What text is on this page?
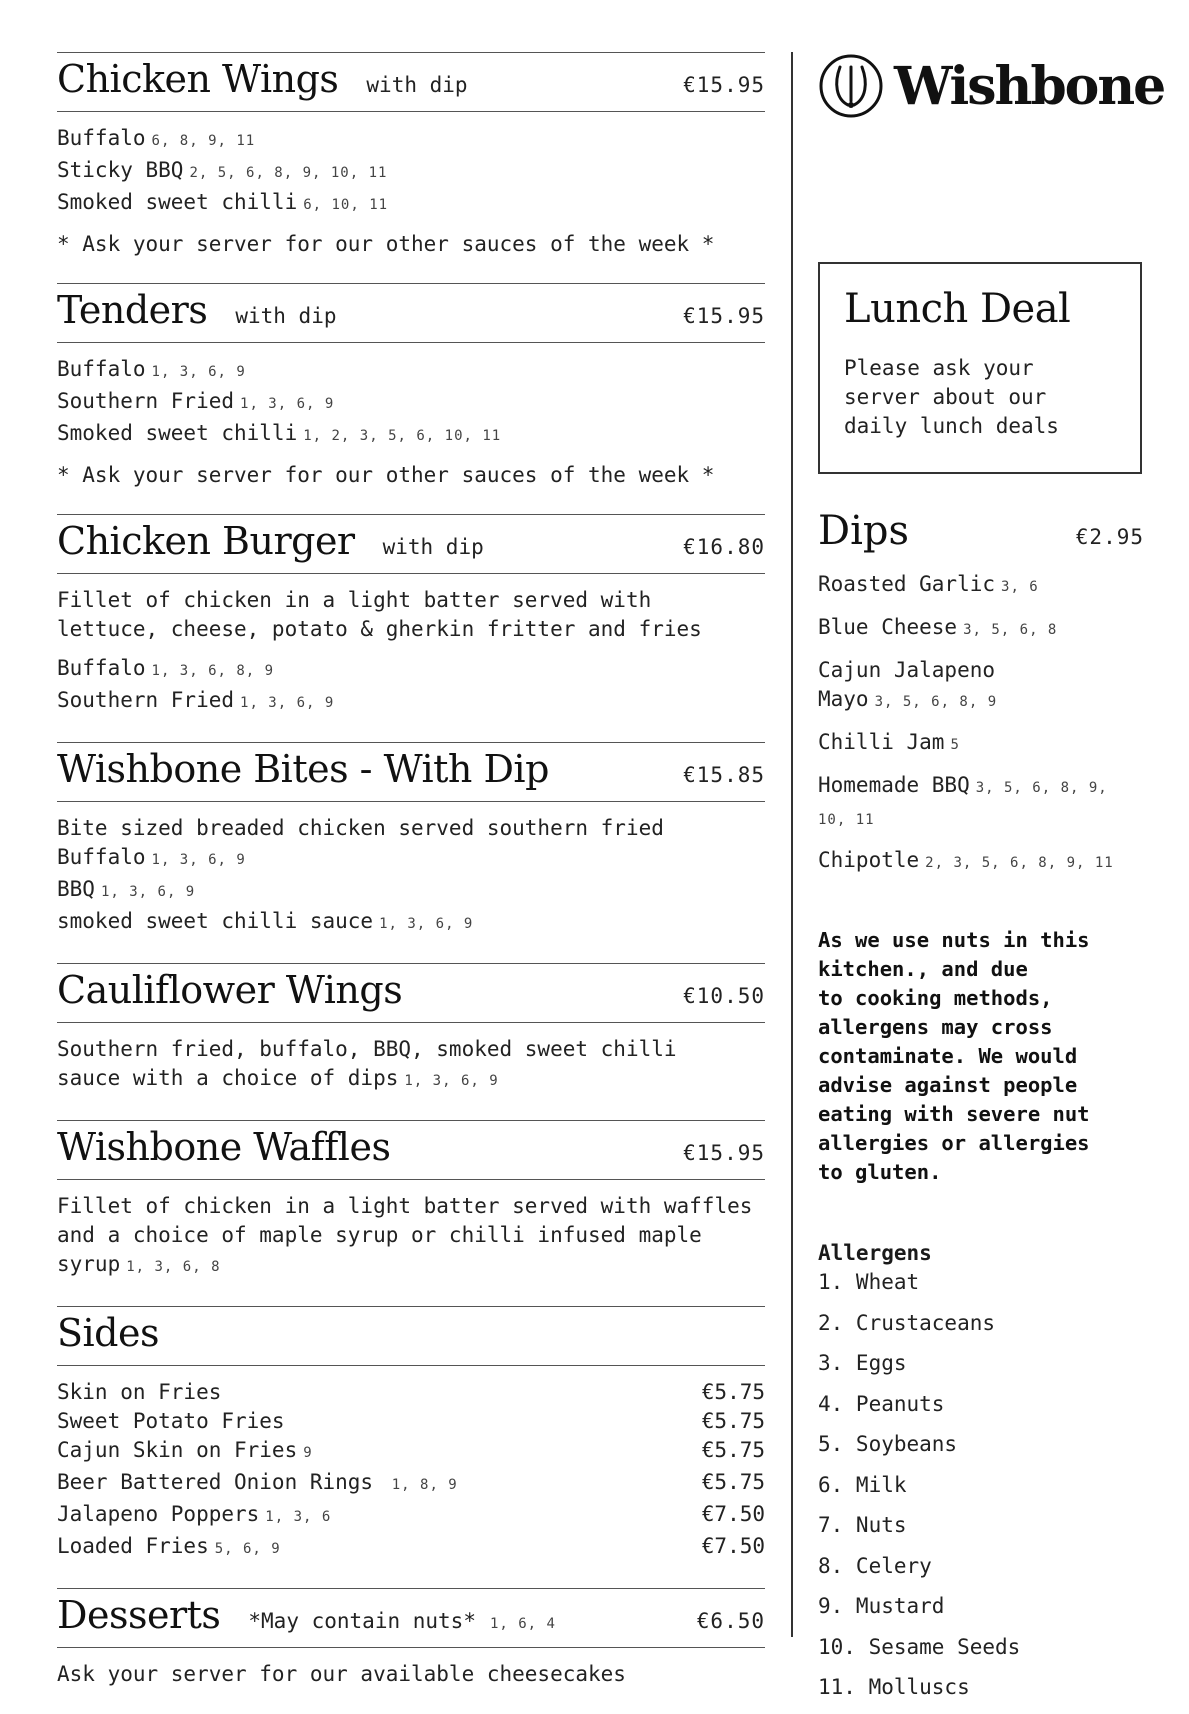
Chicken Wings with dip	€15.95
Buffalo 6, 8, 9, 11
Sticky BBQ 2, 5, 6, 8, 9, 10, 11
Smoked sweet chilli 6, 10, 11
* Ask your server for our other sauces of the week *
Tenders with dip	€15.95
Buffalo 1, 3, 6, 9
Southern Fried 1, 3, 6, 9
Smoked sweet chilli 1, 2, 3, 5, 6, 10, 11
* Ask your server for our other sauces of the week *
Chicken Burger with dip	€16.80
Fillet of chicken in a light batter served with
lettuce, cheese, potato & gherkin fritter and fries
Buffalo 1, 3, 6, 8, 9
Southern Fried 1, 3, 6, 9
Wishbone Bites - With Dip	€15.85
Bite sized breaded chicken served southern fried
Buffalo 1, 3, 6, 9
BBQ 1, 3, 6, 9
smoked sweet chilli sauce 1, 3, 6, 9
Cauliflower Wings	€10.50
Southern fried, buffalo, BBQ, smoked sweet chilli
sauce with a choice of dips 1, 3, 6, 9
Wishbone Waffles	€15.95
Fillet of chicken in a light batter served with waffles
and a choice of maple syrup or chilli infused maple
syrup 1, 3, 6, 8
Sides
Skin on Fries	€5.75
Sweet Potato Fries	€5.75
Cajun Skin on Fries 9	€5.75
Beer Battered Onion Rings 1, 8, 9	€5.75
Jalapeno Poppers 1, 3, 6	€7.50
Loaded Fries 5, 6, 9	€7.50
Desserts *May contain nuts* 1, 6, 4	€6.50
Ask your server for our available cheesecakes
Wishbone
Lunch Deal
Please ask your
server about our
daily lunch deals
Dips	€2.95
Roasted Garlic 3, 6
Blue Cheese 3, 5, 6, 8
Cajun Jalapeno
Mayo 3, 5, 6, 8, 9
Chilli Jam 5
Homemade BBQ 3, 5, 6, 8, 9, 10, 11
Chipotle 2, 3, 5, 6, 8, 9, 11
As we use nuts in this
kitchen., and due
to cooking methods,
allergens may cross
contaminate. We would
advise against people
eating with severe nut
allergies or allergies
to gluten.
Allergens
1. Wheat
2. Crustaceans
3. Eggs
4. Peanuts
5. Soybeans
6. Milk
7. Nuts
8. Celery
9. Mustard
10. Sesame Seeds
11. Molluscs
